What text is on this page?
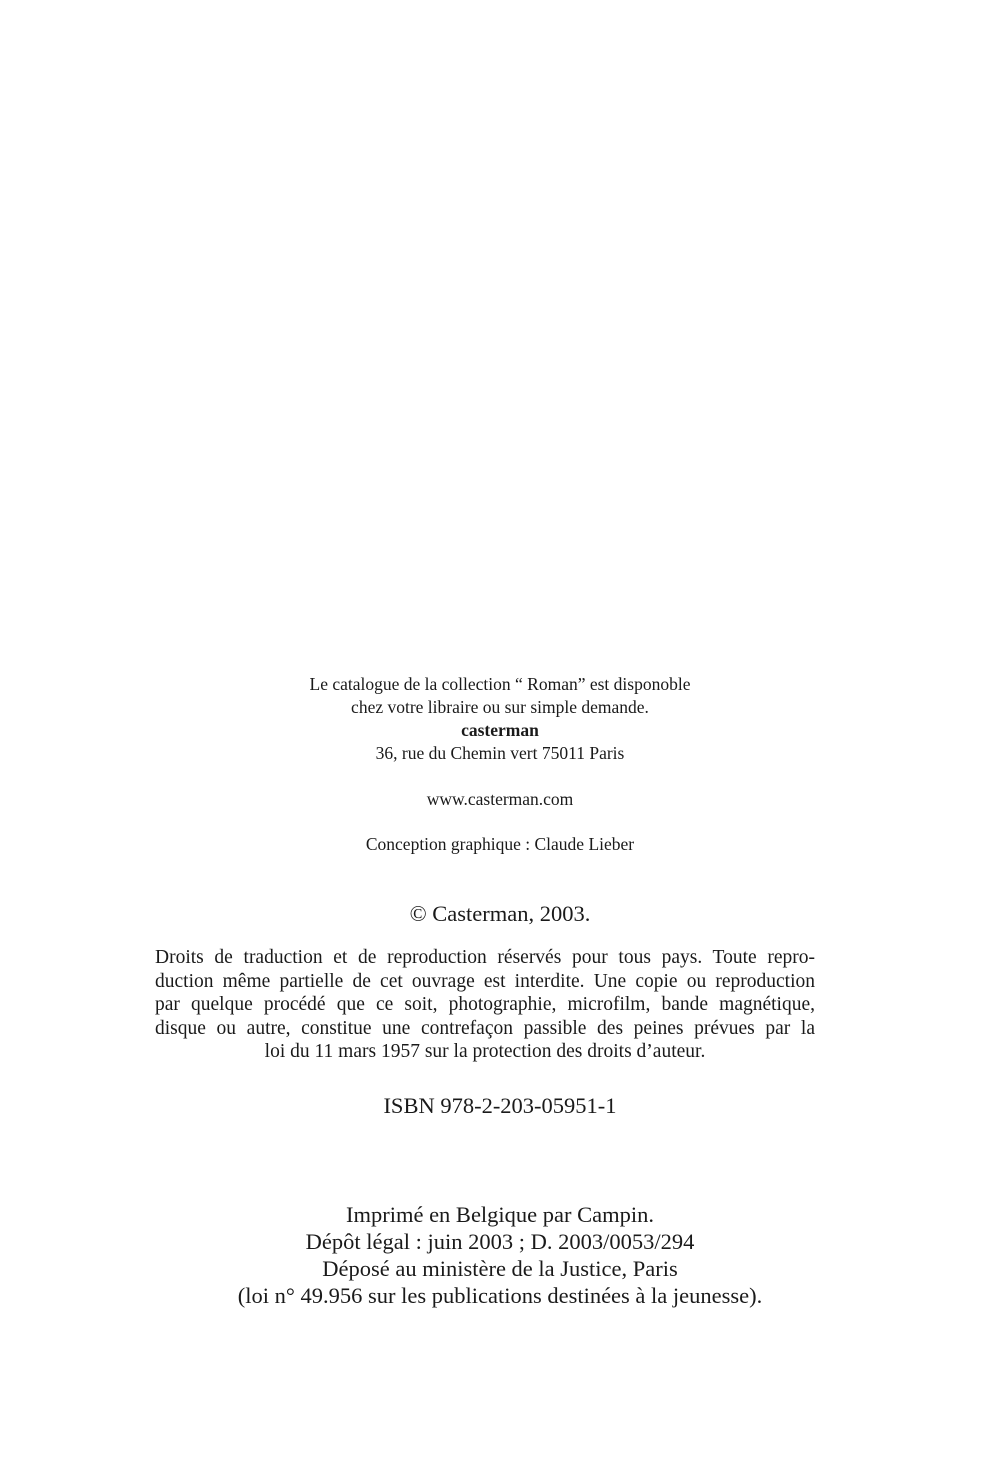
Le catalogue de la collection “ Roman” est disponoble
chez votre libraire ou sur simple demande.
casterman
36, rue du Chemin vert 75011 Paris
www.casterman.com
Conception graphique : Claude Lieber
© Casterman, 2003.
Droits de traduction et de reproduction réservés pour tous pays. Toute repro-
duction même partielle de cet ouvrage est interdite. Une copie ou reproduction
par quelque procédé que ce soit, photographie, microfilm, bande magnétique,
disque ou autre, constitue une contrefaçon passible des peines prévues par la
loi du 11 mars 1957 sur la protection des droits d’auteur.
ISBN 978-2-203-05951-1
Imprimé en Belgique par Campin.
Dépôt légal : juin 2003 ; D. 2003/0053/294
Déposé au ministère de la Justice, Paris
(loi n° 49.956 sur les publications destinées à la jeunesse).
